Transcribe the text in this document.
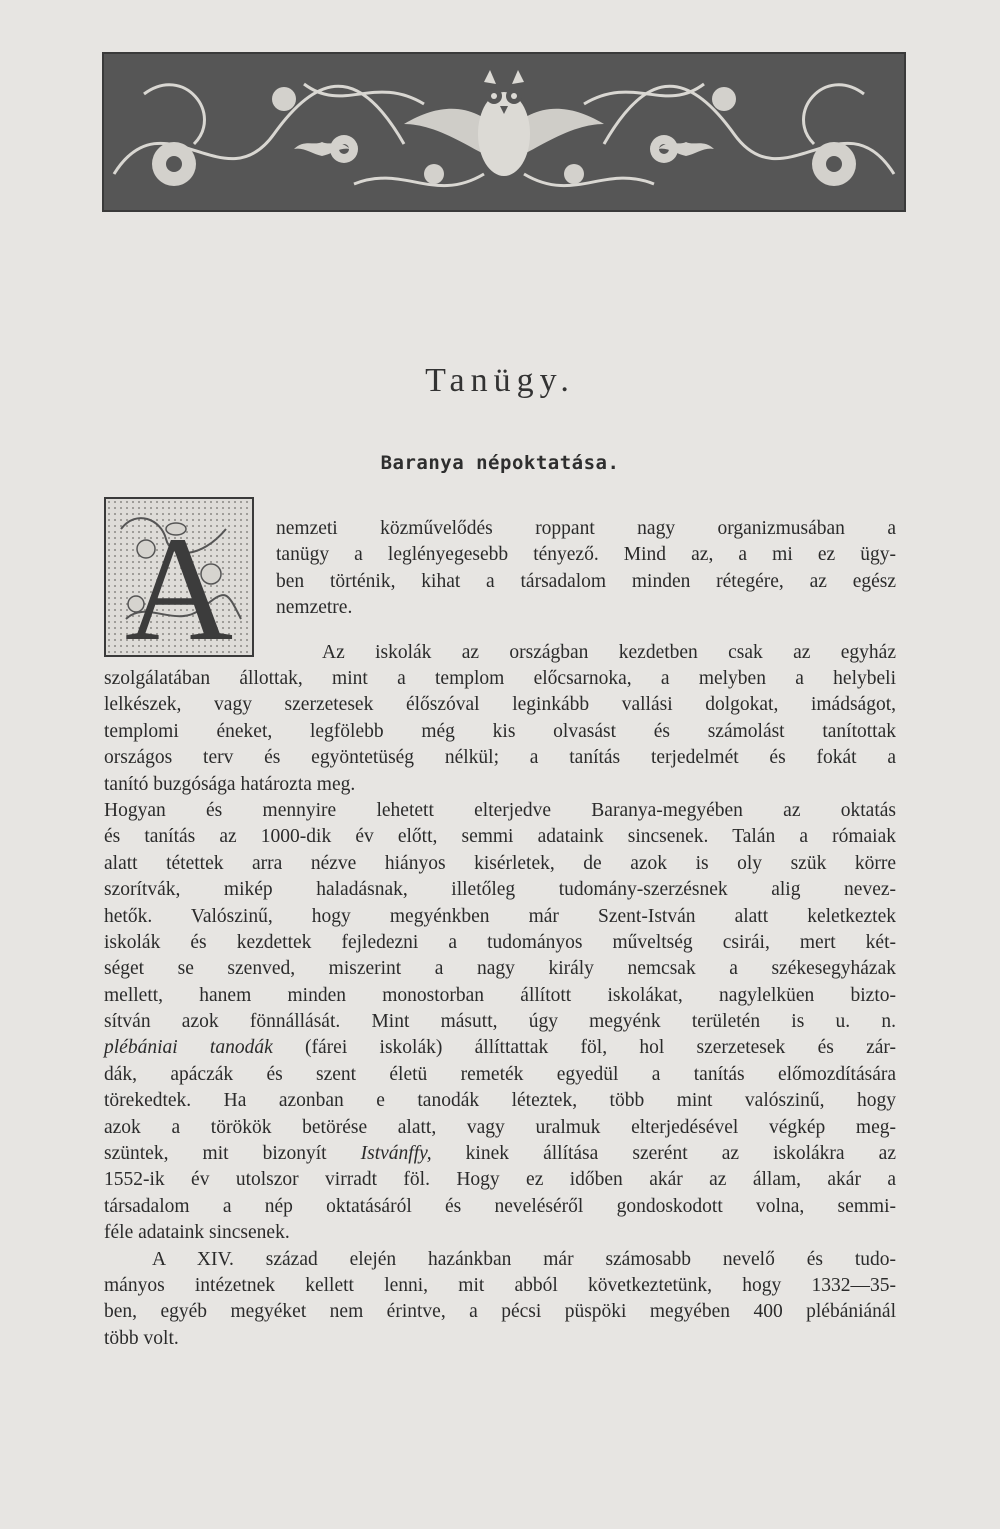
Tanügy.
Baranya népoktatása.
A nemzeti közművelődés roppant nagy organizmusában a
tanügy a leglényegesebb tényező. Mind az, a mi ez ügy-
ben történik, kihat a társadalom minden rétegére, az egész
nemzetre.
Az iskolák az országban kezdetben csak az egyház
szolgálatában állottak, mint a templom előcsarnoka, a melyben a helybeli
lelkészek, vagy szerzetesek élőszóval leginkább vallási dolgokat, imádságot,
templomi éneket, legfölebb még kis olvasást és számolást tanítottak
országos terv és egyöntetüség nélkül; a tanítás terjedelmét és fokát a
tanító buzgósága határozta meg.
Hogyan és mennyire lehetett elterjedve Baranya-megyében az oktatás
és tanítás az 1000-dik év előtt, semmi adataink sincsenek. Talán a rómaiak
alatt tétettek arra nézve hiányos kisérletek, de azok is oly szük körre
szorítvák, mikép haladásnak, illetőleg tudomány-szerzésnek alig nevez-
hetők. Valószinű, hogy megyénkben már Szent-István alatt keletkeztek
iskolák és kezdettek fejledezni a tudományos műveltség csirái, mert két-
séget se szenved, miszerint a nagy király nemcsak a székesegyházak
mellett, hanem minden monostorban állított iskolákat, nagylelküen bizto-
sítván azok fönnállását. Mint másutt, úgy megyénk területén is u. n.
plébániai tanodák (fárei iskolák) állíttattak föl, hol szerzetesek és zár-
dák, apáczák és szent életü remeték egyedül a tanítás előmozdítására
törekedtek. Ha azonban e tanodák léteztek, több mint valószinű, hogy
azok a törökök betörése alatt, vagy uralmuk elterjedésével végkép meg-
szüntek, mit bizonyít Istvánffy, kinek állítása szerént az iskolákra az
1552-ik év utolszor virradt föl. Hogy ez időben akár az állam, akár a
társadalom a nép oktatásáról és neveléséről gondoskodott volna, semmi-
féle adataink sincsenek.
A XIV. század elején hazánkban már számosabb nevelő és tudo-
mányos intézetnek kellett lenni, mit abból következtetünk, hogy 1332—35-
ben, egyéb megyéket nem érintve, a pécsi püspöki megyében 400 plébániánál
több volt.
